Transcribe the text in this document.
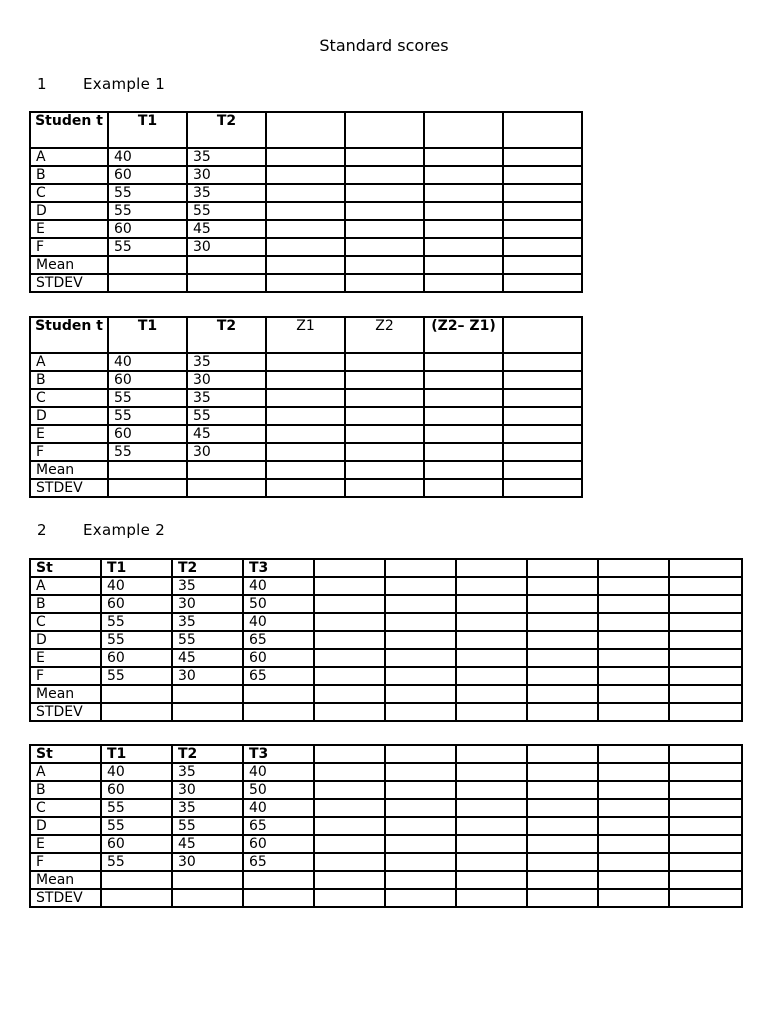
Standard scores
1 Example 1
Studen t	T1	T2				
A	40	35				
B	60	30				
C	55	35				
D	55	55				
E	60	45				
F	55	30				
Mean						
STDEV						
Studen t	T1	T2	Z1	Z2	(Z2– Z1)	
A	40	35				
B	60	30				
C	55	35				
D	55	55				
E	60	45				
F	55	30				
Mean						
STDEV						
2 Example 2
St	T1	T2	T3						
A	40	35	40						
B	60	30	50						
C	55	35	40						
D	55	55	65						
E	60	45	60						
F	55	30	65						
Mean									
STDEV									
St	T1	T2	T3						
A	40	35	40						
B	60	30	50						
C	55	35	40						
D	55	55	65						
E	60	45	60						
F	55	30	65						
Mean									
STDEV									
